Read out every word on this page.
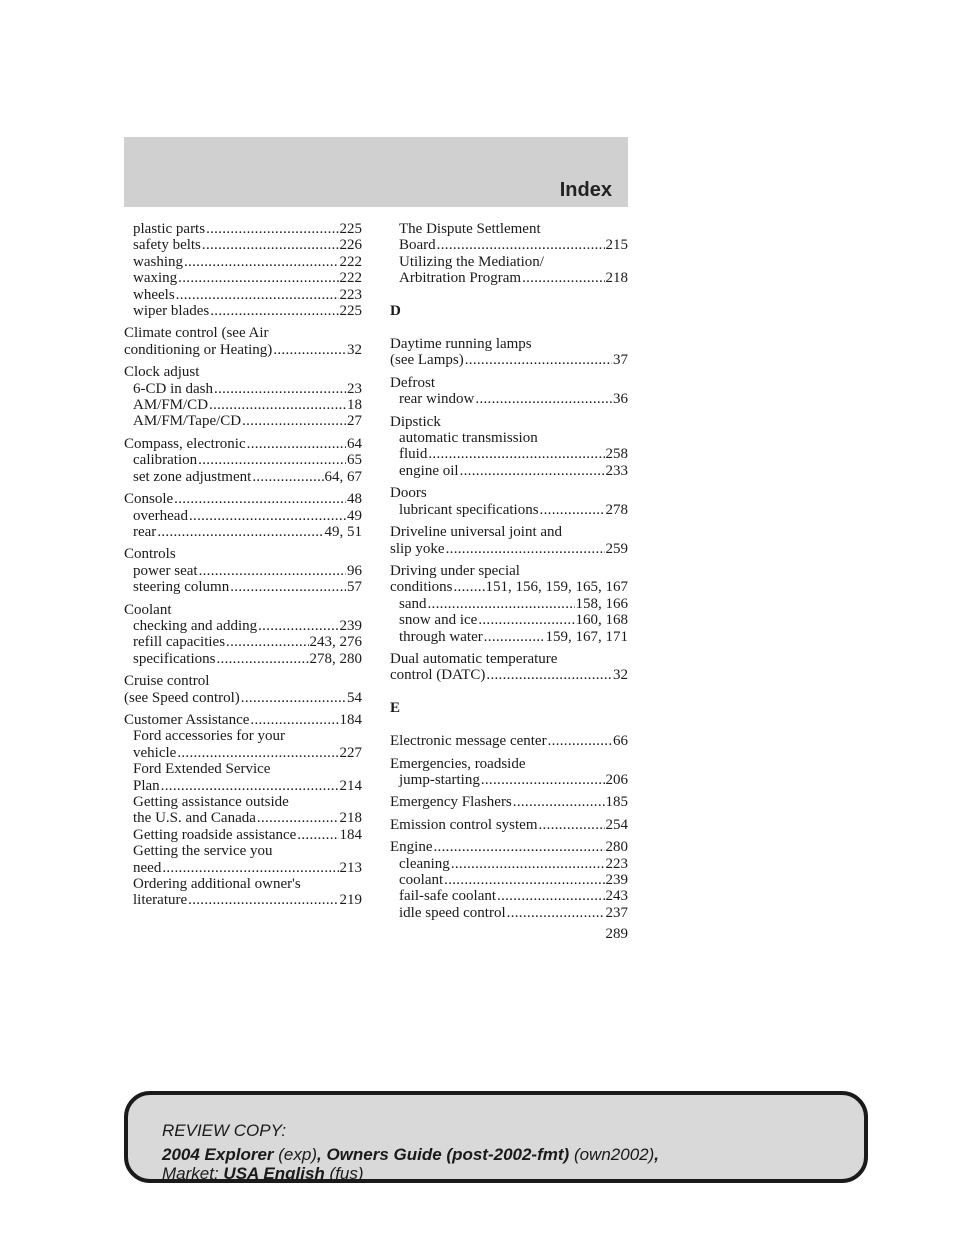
Index
plastic parts .....	225
safety belts .....	226
washing .....	222
waxing .....	222
wheels .....	223
wiper blades .....	225
Climate control (see Air
conditioning or Heating) .....	32
Clock adjust
6-CD in dash .....	23
AM/FM/CD .....	18
AM/FM/Tape/CD .....	27
Compass, electronic .....	64
calibration .....	65
set zone adjustment .....	64, 67
Console .....	48
overhead .....	49
rear .....	49, 51
Controls
power seat .....	96
steering column .....	57
Coolant
checking and adding .....	239
refill capacities .....	243, 276
specifications .....	278, 280
Cruise control
(see Speed control) .....	54
Customer Assistance .....	184
Ford accessories for your
vehicle .....	227
Ford Extended Service
Plan .....	214
Getting assistance outside
the U.S. and Canada .....	218
Getting roadside assistance .....	184
Getting the service you
need .....	213
Ordering additional owner's
literature .....	219
The Dispute Settlement
Board .....	215
Utilizing the Mediation/
Arbitration Program .....	218
D
Daytime running lamps
(see Lamps) .....	37
Defrost
rear window .....	36
Dipstick
automatic transmission
fluid .....	258
engine oil .....	233
Doors
lubricant specifications .....	278
Driveline universal joint and
slip yoke .....	259
Driving under special
conditions ..... 151, 156, 159, 165, 167
sand .....	158, 166
snow and ice .....	160, 168
through water .....	159, 167, 171
Dual automatic temperature
control (DATC) .....	32
E
Electronic message center .....	66
Emergencies, roadside
jump-starting .....	206
Emergency Flashers .....	185
Emission control system .....	254
Engine .....	280
cleaning .....	223
coolant .....	239
fail-safe coolant .....	243
idle speed control .....	237
289
REVIEW COPY:
2004 Explorer (exp), Owners Guide (post-2002-fmt) (own2002),
Market: USA English (fus)
